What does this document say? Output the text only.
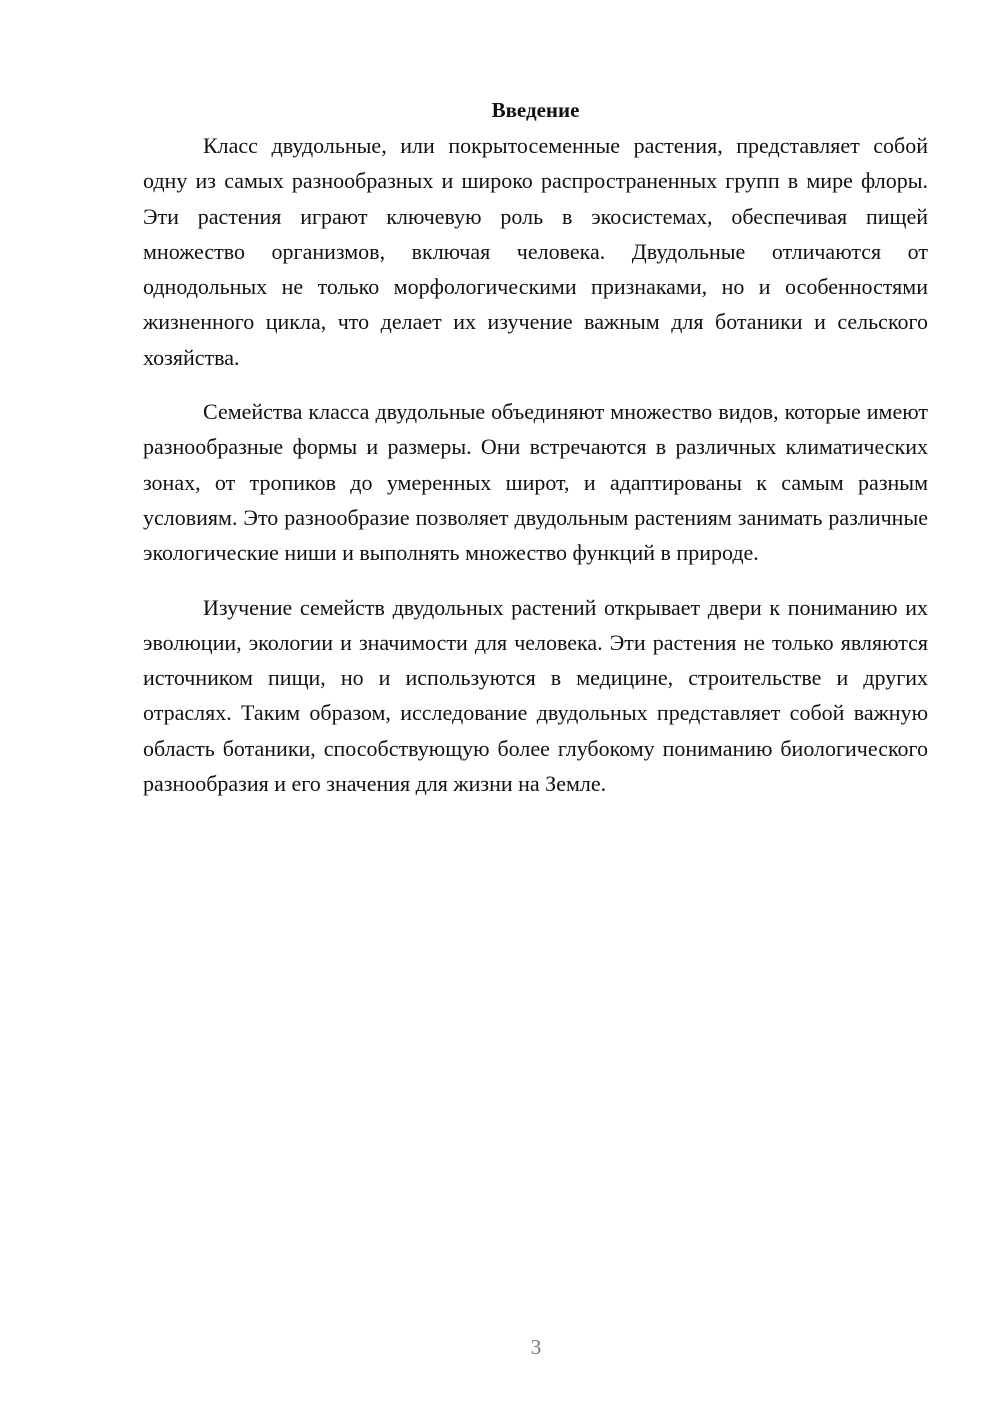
Введение

Класс двудольные, или покрытосеменные растения, представляет собой одну из самых разнообразных и широко распространенных групп в мире флоры. Эти растения играют ключевую роль в экосистемах, обеспечивая пищей множество организмов, включая человека. Двудольные отличаются от однодольных не только морфологическими признаками, но и особенностями жизненного цикла, что делает их изучение важным для ботаники и сельского хозяйства.

Семейства класса двудольные объединяют множество видов, которые имеют разнообразные формы и размеры. Они встречаются в различных климатических зонах, от тропиков до умеренных широт, и адаптированы к самым разным условиям. Это разнообразие позволяет двудольным растениям занимать различные экологические ниши и выполнять множество функций в природе.

Изучение семейств двудольных растений открывает двери к пониманию их эволюции, экологии и значимости для человека. Эти растения не только являются источником пищи, но и используются в медицине, строительстве и других отраслях. Таким образом, исследование двудольных представляет собой важную область ботаники, способствующую более глубокому пониманию биологического разнообразия и его значения для жизни на Земле.

3
